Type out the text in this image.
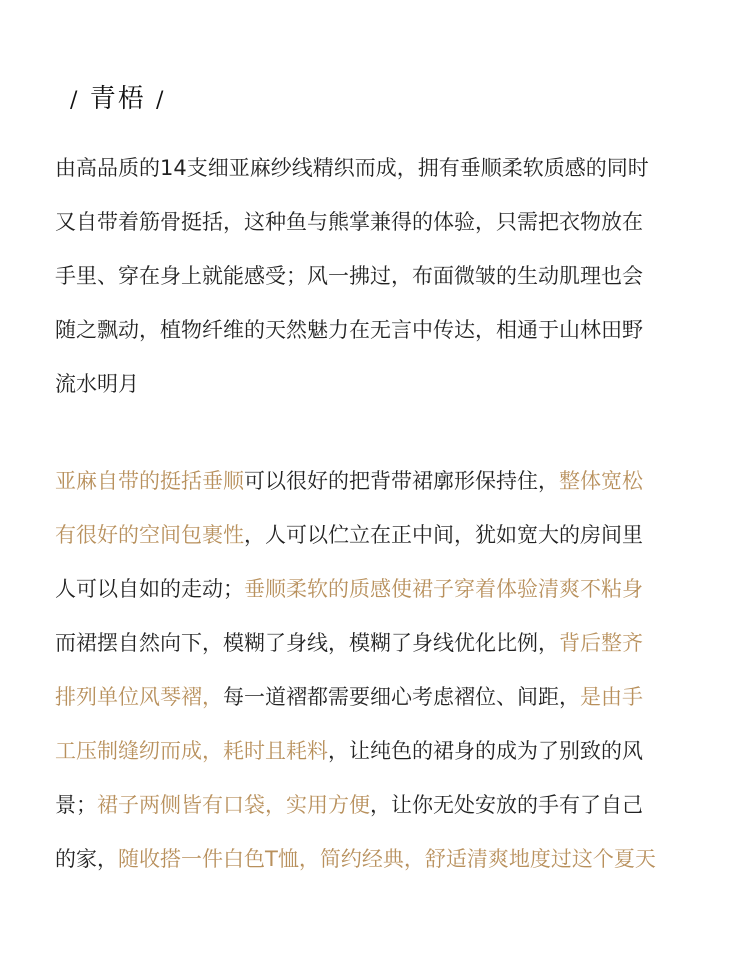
/ 青梧 /
由高品质的14支细亚麻纱线精织而成，拥有垂顺柔软质感的同时
又自带着筋骨挺括，这种鱼与熊掌兼得的体验，只需把衣物放在
手里、穿在身上就能感受；风一拂过，布面微皱的生动肌理也会
随之飘动，植物纤维的天然魅力在无言中传达，相通于山林田野
流水明月
亚麻自带的挺括垂顺可以很好的把背带裙廓形保持住，整体宽松
有很好的空间包裹性，人可以伫立在正中间，犹如宽大的房间里
人可以自如的走动；垂顺柔软的质感使裙子穿着体验清爽不粘身
而裙摆自然向下，模糊了身线，模糊了身线优化比例，背后整齐
排列单位风琴褶，每一道褶都需要细心考虑褶位、间距，是由手
工压制缝纫而成，耗时且耗料，让纯色的裙身的成为了别致的风
景；裙子两侧皆有口袋，实用方便，让你无处安放的手有了自己
的家，随收搭一件白色T恤，简约经典，舒适清爽地度过这个夏天
